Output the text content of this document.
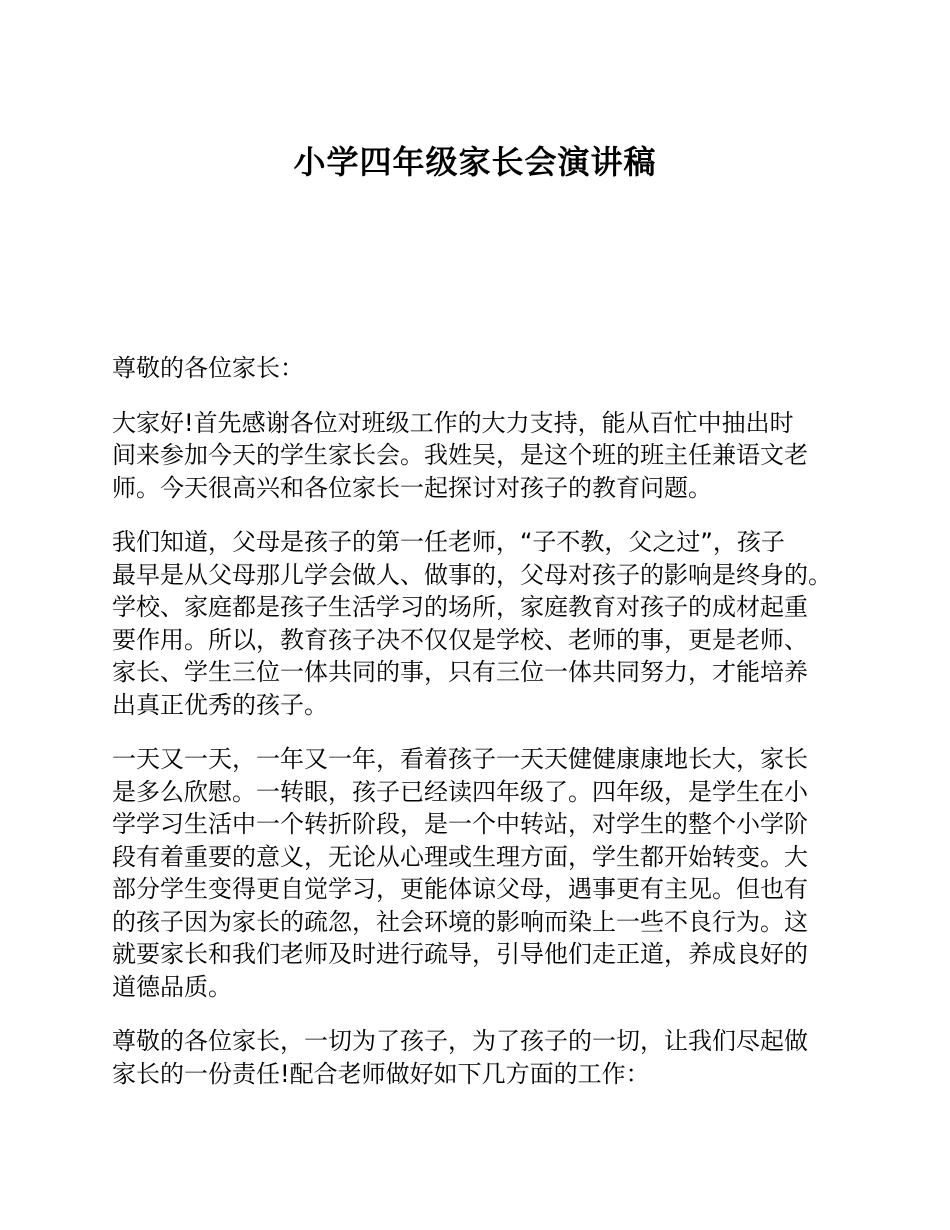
小学四年级家长会演讲稿

尊敬的各位家长：

大家好!首先感谢各位对班级工作的大力支持，能从百忙中抽出时
间来参加今天的学生家长会。我姓吴，是这个班的班主任兼语文老
师。今天很高兴和各位家长一起探讨对孩子的教育问题。

我们知道，父母是孩子的第一任老师，“子不教，父之过”，孩子
最早是从父母那儿学会做人、做事的，父母对孩子的影响是终身的。
学校、家庭都是孩子生活学习的场所，家庭教育对孩子的成材起重
要作用。所以，教育孩子决不仅仅是学校、老师的事，更是老师、
家长、学生三位一体共同的事，只有三位一体共同努力，才能培养
出真正优秀的孩子。

一天又一天，一年又一年，看着孩子一天天健健康康地长大，家长
是多么欣慰。一转眼，孩子已经读四年级了。四年级，是学生在小
学学习生活中一个转折阶段，是一个中转站，对学生的整个小学阶
段有着重要的意义，无论从心理或生理方面，学生都开始转变。大
部分学生变得更自觉学习，更能体谅父母，遇事更有主见。但也有
的孩子因为家长的疏忽，社会环境的影响而染上一些不良行为。这
就要家长和我们老师及时进行疏导，引导他们走正道，养成良好的
道德品质。

尊敬的各位家长，一切为了孩子，为了孩子的一切，让我们尽起做
家长的一份责任!配合老师做好如下几方面的工作：
